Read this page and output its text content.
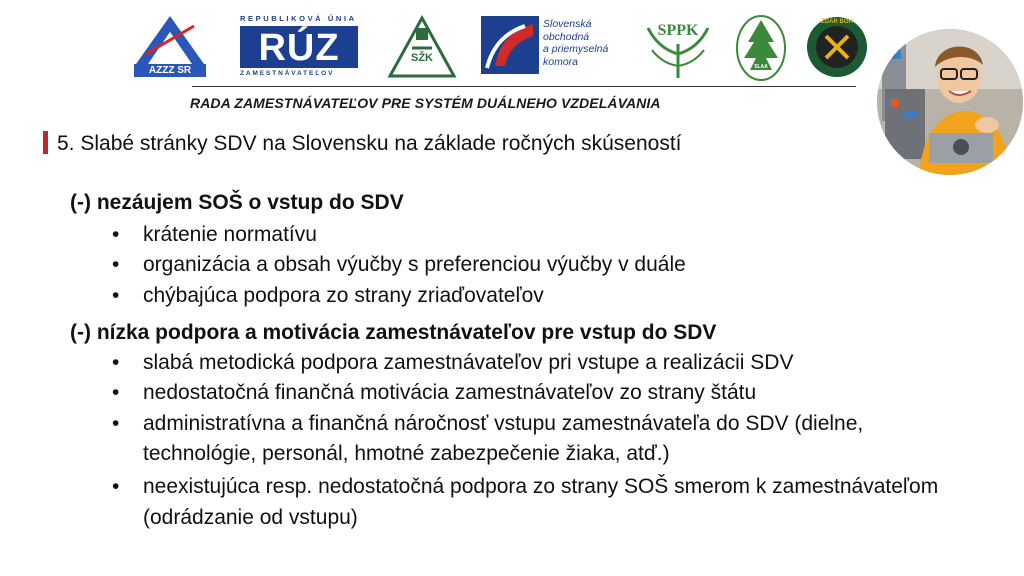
AZZZ SR
REPUBLIKOVÁ ÚNIA
RÚZ
ZAMESTNÁVATEĽOV
SŽK
Slovenská
obchodná
a priemyselná
komora
SPPK
SLAA
ZDAR BOH
RADA ZAMESTNÁVATEĽOV PRE SYSTÉM DUÁLNEHO VZDELÁVANIA
5. Slabé stránky SDV na Slovensku na základe ročných skúseností
(-) nezáujem SOŠ o vstup do SDV
•	krátenie normatívu
•	organizácia a obsah výučby s preferenciou výučby v duále
•	chýbajúca podpora zo strany zriaďovateľov
(-) nízka podpora a motivácia zamestnávateľov pre vstup do SDV
•	slabá metodická podpora zamestnávateľov pri vstupe a realizácii SDV
•	nedostatočná finančná motivácia zamestnávateľov zo strany štátu
•	administratívna a finančná náročnosť vstupu zamestnávateľa do SDV (dielne,
technológie, personál, hmotné zabezpečenie žiaka, atď.)
•	neexistujúca resp. nedostatočná podpora zo strany SOŠ smerom k zamestnávateľom
(odrádzanie od vstupu)
